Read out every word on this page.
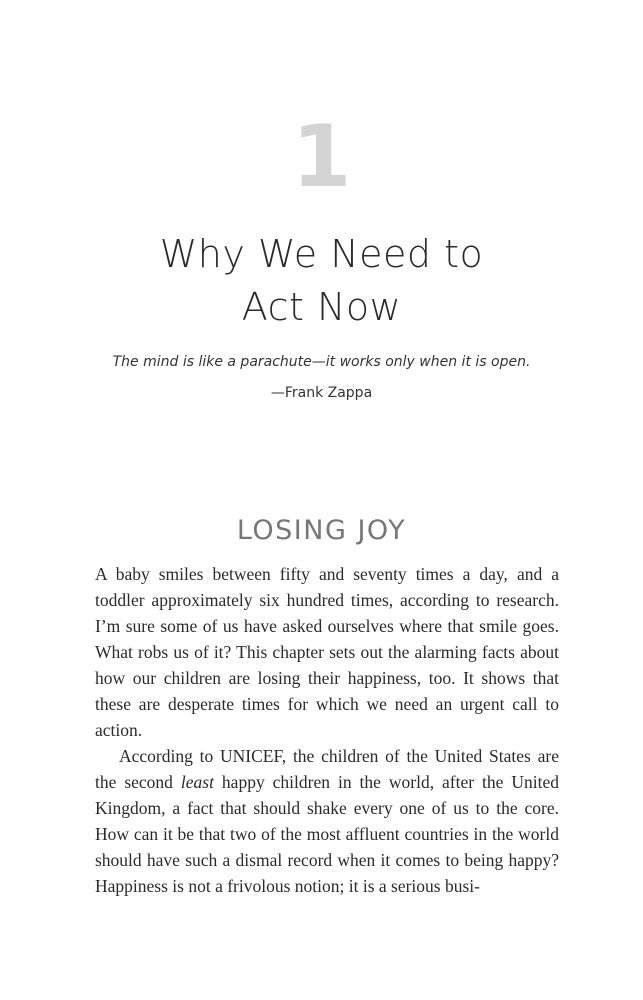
1
Why We Need to
Act Now
The mind is like a parachute—it works only when it is open.
—Frank Zappa
LOSING JOY

A baby smiles between fifty and seventy times a day, and a toddler approximately six hundred times, according to research. I’m sure some of us have asked ourselves where that smile goes. What robs us of it? This chapter sets out the alarming facts about how our children are losing their happiness, too. It shows that these are desperate times for which we need an urgent call to action.

According to UNICEF, the children of the United States are the second least happy children in the world, after the United Kingdom, a fact that should shake every one of us to the core. How can it be that two of the most affluent countries in the world should have such a dismal record when it comes to being happy? Happiness is not a frivolous notion; it is a serious busi-
